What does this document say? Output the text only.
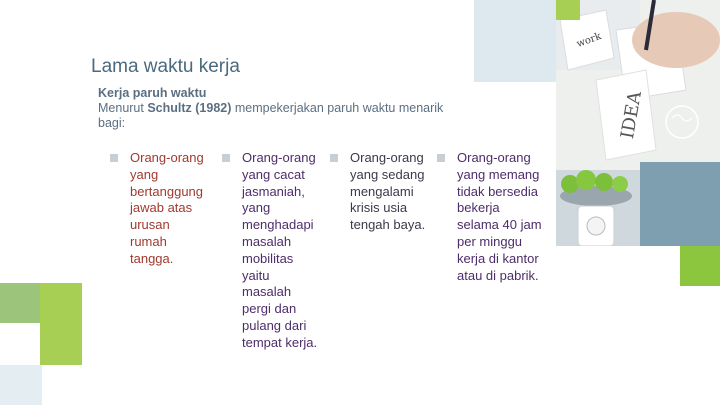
work
IDEA
Lama waktu kerja
Kerja paruh waktu
Menurut Schultz (1982) mempekerjakan paruh waktu menarik bagi:
Orang-orang yang bertanggung jawab atas urusan rumah tangga.
Orang-orang yang cacat jasmaniah, yang menghadapi masalah mobilitas yaitu masalah pergi dan pulang dari tempat kerja.
Orang-orang yang sedang mengalami krisis usia tengah baya.
Orang-orang yang memang tidak bersedia bekerja selama 40 jam per minggu kerja di kantor atau di pabrik.
